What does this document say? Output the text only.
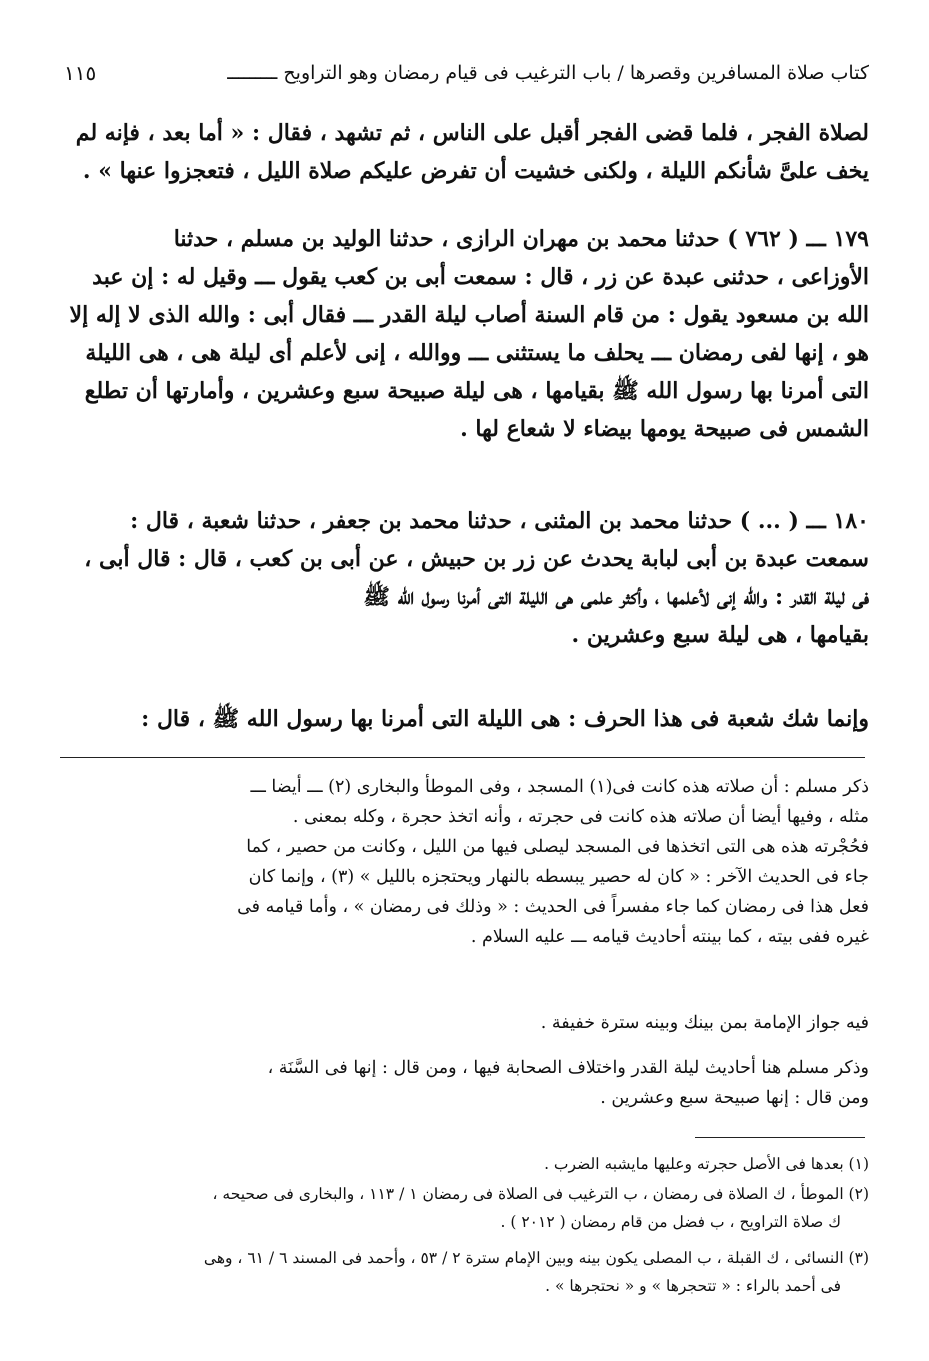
كتاب صلاة المسافرين وقصرها / باب الترغيب فى قيام رمضان وهو التراويح ـــــــــ
١١٥
لصلاة الفجر ، فلما قضى الفجر أقبل على الناس ، ثم تشهد ، فقال : « أما بعد ، فإنه لم
يخف علىَّ شأنكم الليلة ، ولكنى خشيت أن تفرض عليكم صلاة الليل ، فتعجزوا عنها » .
١٧٩ ـــ ( ٧٦٢ ) حدثنا محمد بن مهران الرازى ، حدثنا الوليد بن مسلم ، حدثنا
الأوزاعى ، حدثنى عبدة عن زر ، قال : سمعت أبى بن كعب يقول ـــ وقيل له : إن عبد
الله بن مسعود يقول : من قام السنة أصاب ليلة القدر ـــ فقال أبى : والله الذى لا إله إلا
هو ، إنها لفى رمضان ـــ يحلف ما يستثنى ـــ ووالله ، إنى لأعلم أى ليلة هى ، هى الليلة
التى أمرنا بها رسول الله ﷺ بقيامها ، هى ليلة صبيحة سبع وعشرين ، وأمارتها أن تطلع
الشمس فى صبيحة يومها بيضاء لا شعاع لها .
١٨٠ ـــ ( ... ) حدثنا محمد بن المثنى ، حدثنا محمد بن جعفر ، حدثنا شعبة ، قال :
سمعت عبدة بن أبى لبابة يحدث عن زر بن حبيش ، عن أبى بن كعب ، قال : قال أبى ،
فى ليلة القدر : والله إنى لأعلمها ، وأكثر علمى هى الليلة التى أمرنا رسول الله ﷺ
بقيامها ، هى ليلة سبع وعشرين .
وإنما شك شعبة فى هذا الحرف : هى الليلة التى أمرنا بها رسول الله ﷺ ، قال :
ذكر مسلم : أن صلاته هذه كانت فى(١) المسجد ، وفى الموطأ والبخارى (٢) ـــ أيضا ـــ
مثله ، وفيها أيضا أن صلاته هذه كانت فى حجرته ، وأنه اتخذ حجرة ، وكله بمعنى .
فحُجْرته هذه هى التى اتخذها فى المسجد ليصلى فيها من الليل ، وكانت من حصير ، كما
جاء فى الحديث الآخر : « كان له حصير يبسطه بالنهار ويحتجزه بالليل » (٣) ، وإنما كان
فعل هذا فى رمضان كما جاء مفسراً فى الحديث : « وذلك فى رمضان » ، وأما قيامه فى
غيره ففى بيته ، كما بينته أحاديث قيامه ـــ عليه السلام .
فيه جواز الإمامة بمن بينك وبينه سترة خفيفة .
وذكر مسلم هنا أحاديث ليلة القدر واختلاف الصحابة فيها ، ومن قال : إنها فى السَّنَة ،
ومن قال : إنها صبيحة سبع وعشرين .
(١) بعدها فى الأصل حجرته وعليها مايشبه الضرب .
(٢) الموطأ ، ك الصلاة فى رمضان ، ب الترغيب فى الصلاة فى رمضان ١ / ١١٣ ، والبخارى فى صحيحه ،
ك صلاة التراويح ، ب فضل من قام رمضان ( ٢٠١٢ ) .
(٣) النسائى ، ك القبلة ، ب المصلى يكون بينه وبين الإمام سترة ٢ / ٥٣ ، وأحمد فى المسند ٦ / ٦١ ، وهى
فى أحمد بالراء : « تتحجرها » و « نحتجرها » .
